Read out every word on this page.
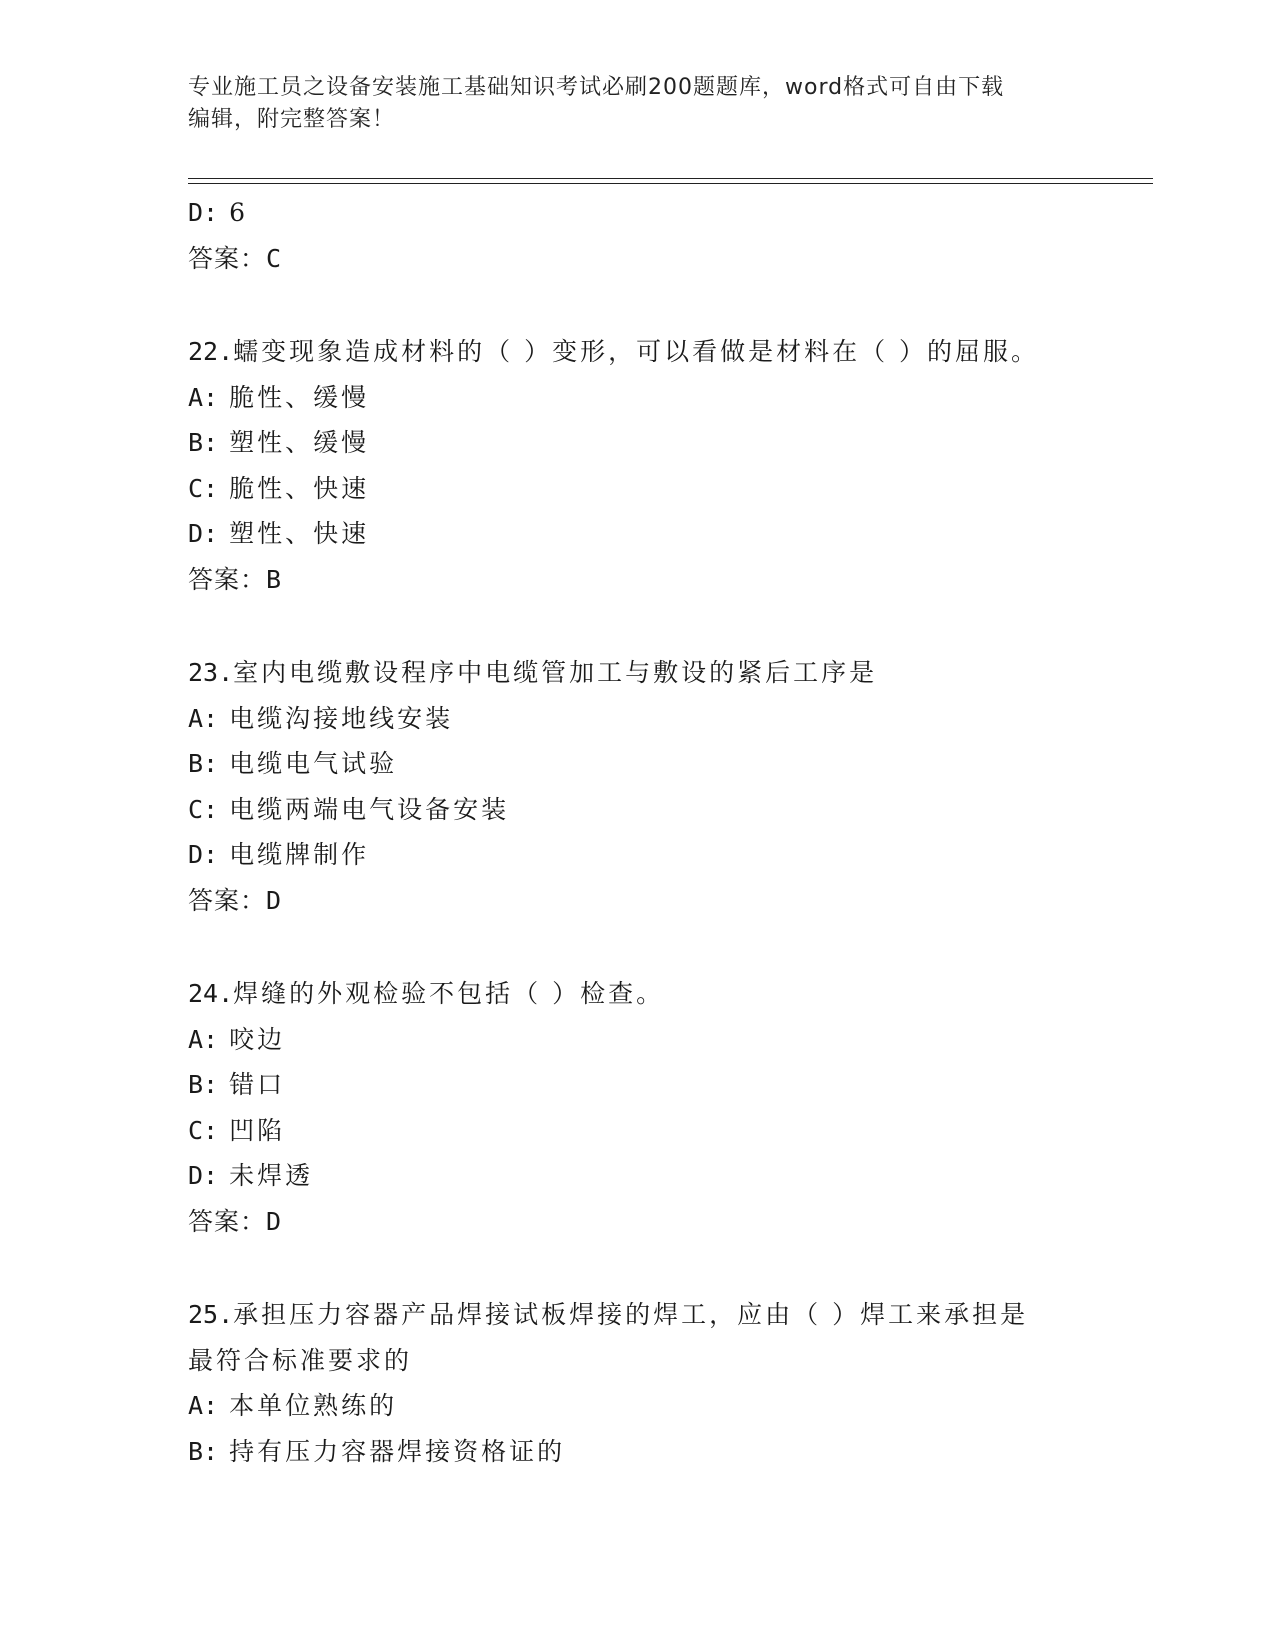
专业施工员之设备安装施工基础知识考试必刷200题题库，word格式可自由下载
编辑，附完整答案！
D: 6
答案：C
22.蠕变现象造成材料的（ ）变形，可以看做是材料在（ ）的屈服。
A: 脆性、缓慢
B: 塑性、缓慢
C: 脆性、快速
D: 塑性、快速
答案：B
23.室内电缆敷设程序中电缆管加工与敷设的紧后工序是
A: 电缆沟接地线安装
B: 电缆电气试验
C: 电缆两端电气设备安装
D: 电缆牌制作
答案：D
24.焊缝的外观检验不包括（ ）检查。
A: 咬边
B: 错口
C: 凹陷
D: 未焊透
答案：D
25.承担压力容器产品焊接试板焊接的焊工，应由（ ）焊工来承担是
最符合标准要求的
A: 本单位熟练的
B: 持有压力容器焊接资格证的
